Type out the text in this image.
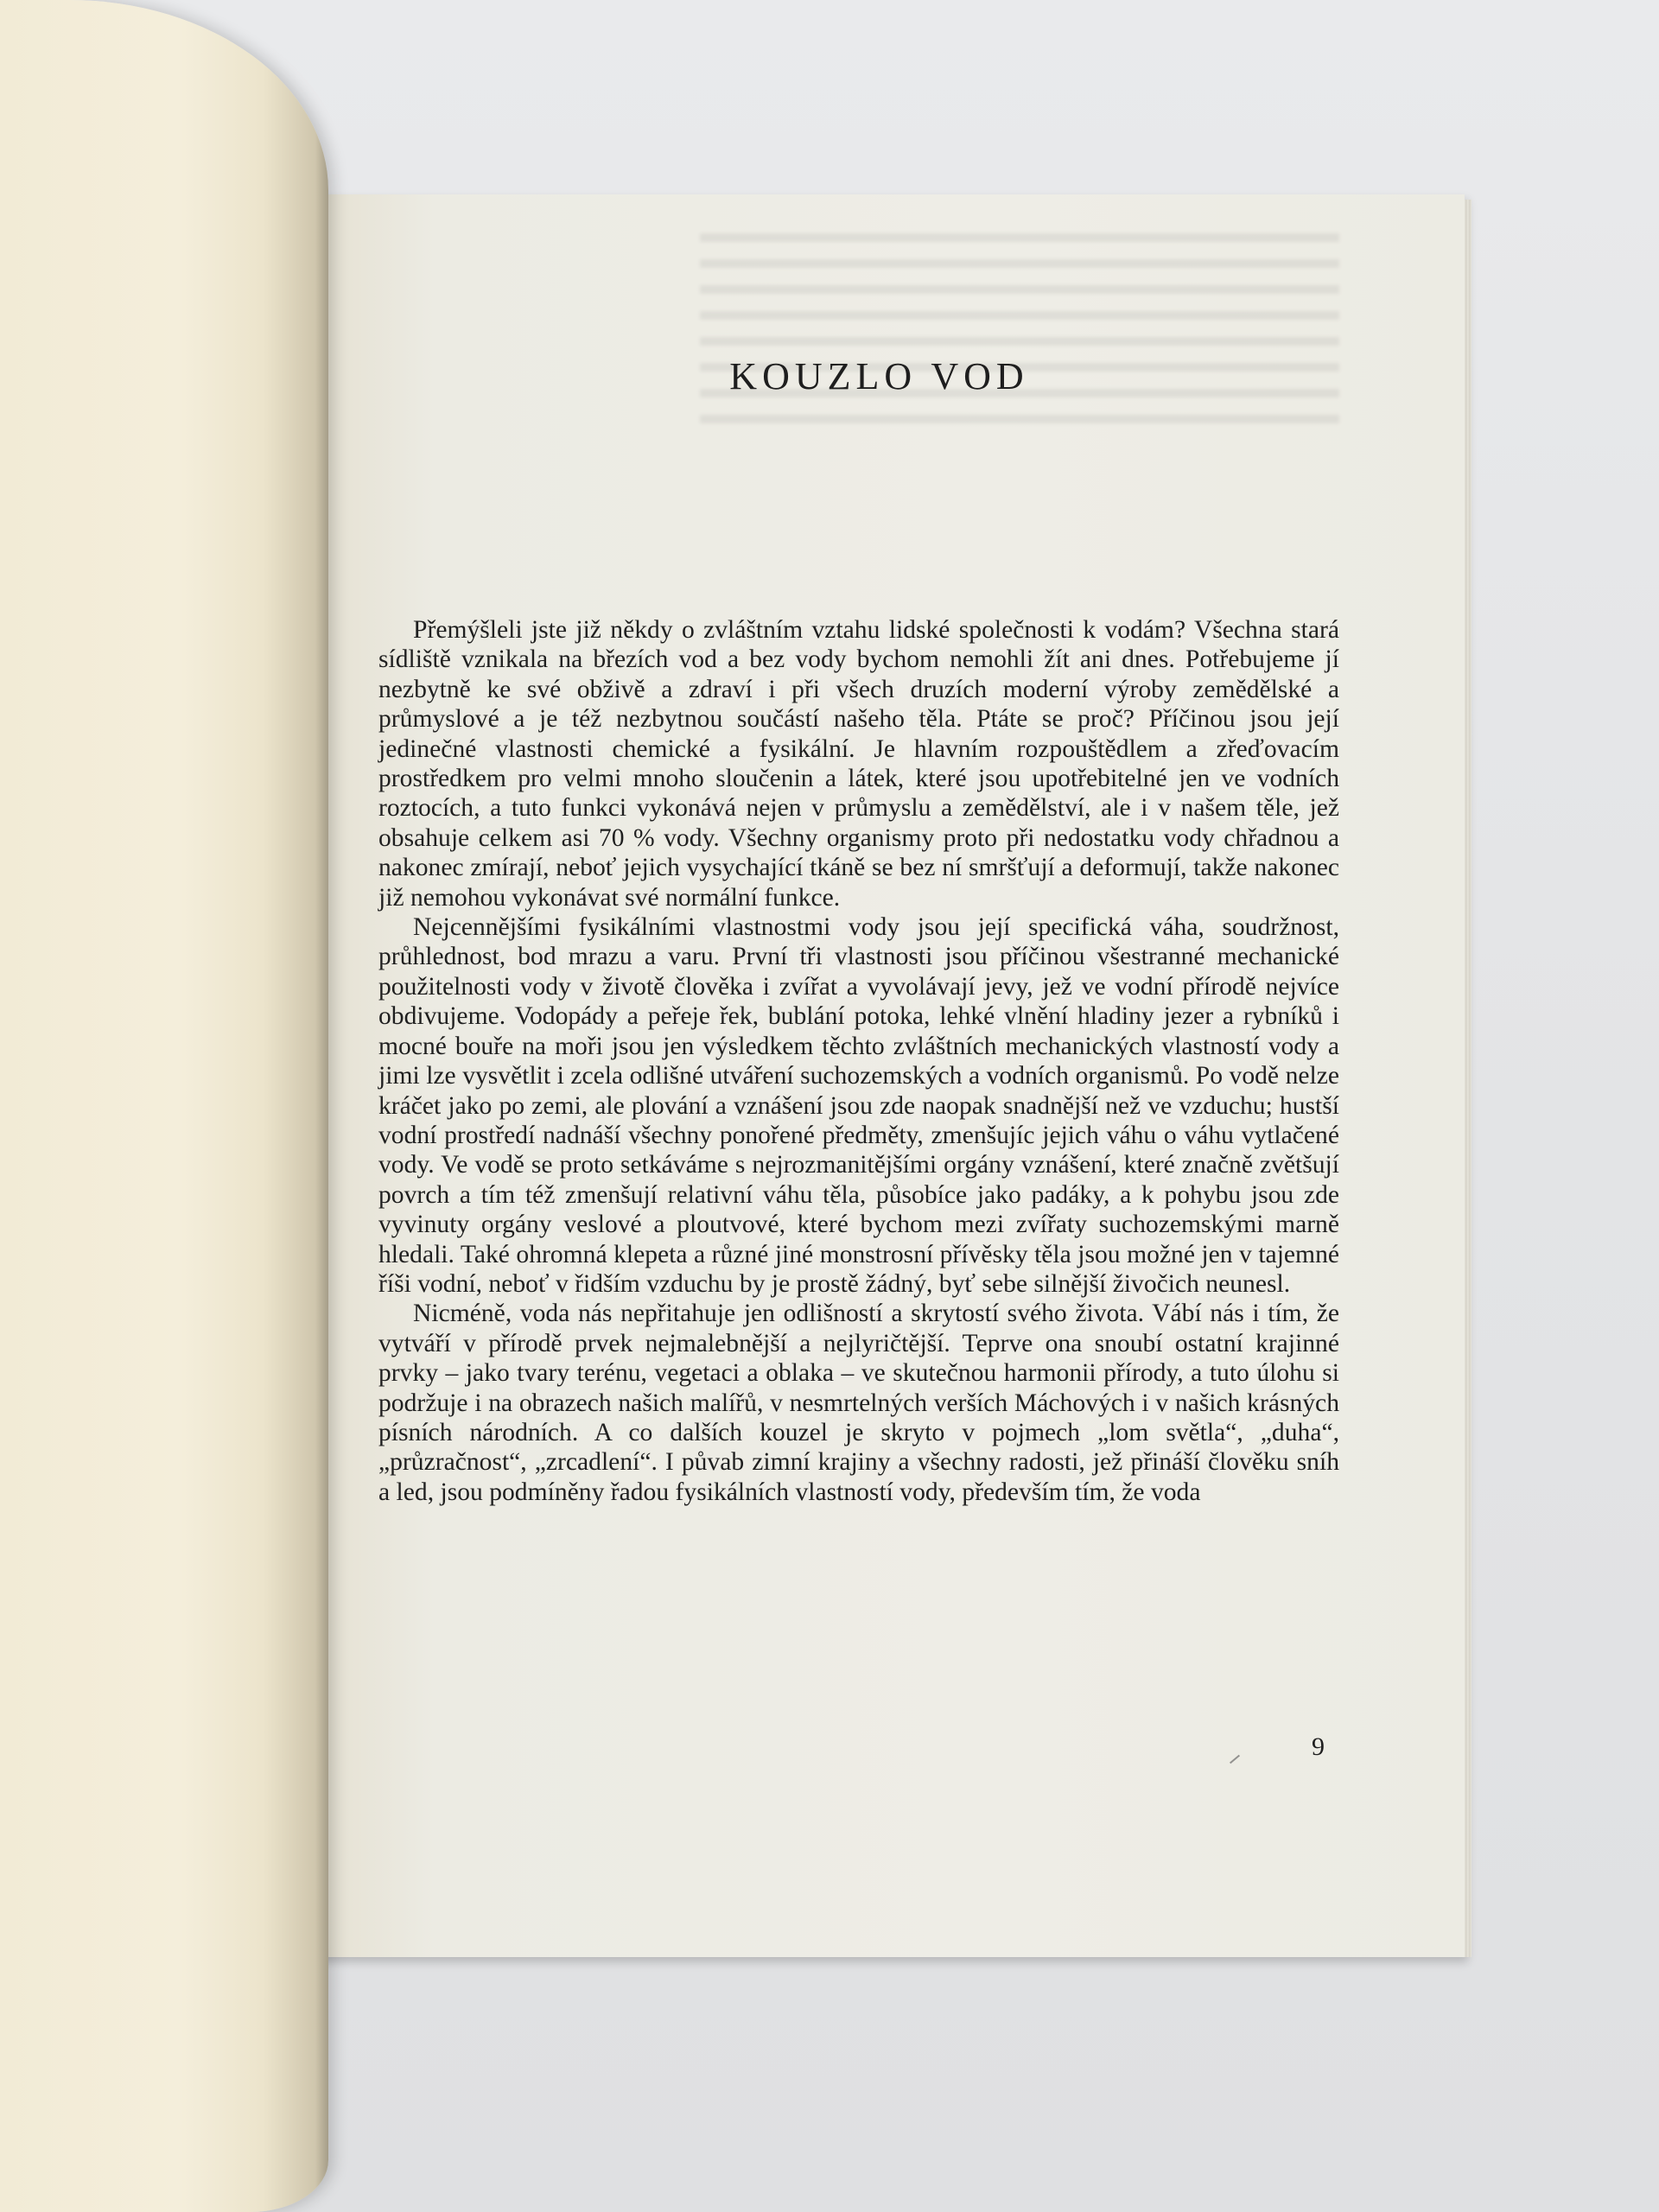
KOUZLO VOD

Přemýšleli jste již někdy o zvláštním vztahu lidské společnosti k vodám? Všechna stará sídliště vznikala na březích vod a bez vody bychom nemohli žít ani dnes. Potřebujeme jí nezbytně ke své obživě a zdraví i při všech druzích moderní výroby zemědělské a průmyslové a je též nezbytnou součástí našeho těla. Ptáte se proč? Příčinou jsou její jedinečné vlastnosti chemické a fysikální. Je hlavním rozpouštědlem a zřeďovacím prostředkem pro velmi mnoho sloučenin a látek, které jsou upotřebitelné jen ve vodních roztocích, a tuto funkci vykonává nejen v průmyslu a zemědělství, ale i v našem těle, jež obsahuje celkem asi 70 % vody. Všechny organismy proto při nedostatku vody chřadnou a nakonec zmírají, neboť jejich vysychající tkáně se bez ní smršťují a deformují, takže nakonec již nemohou vykonávat své normální funkce.

Nejcennějšími fysikálními vlastnostmi vody jsou její specifická váha, soudržnost, průhlednost, bod mrazu a varu. První tři vlastnosti jsou příčinou všestranné mechanické použitelnosti vody v životě člověka i zvířat a vyvolávají jevy, jež ve vodní přírodě nejvíce obdivujeme. Vodopády a peřeje řek, bublání potoka, lehké vlnění hladiny jezer a rybníků i mocné bouře na moři jsou jen výsledkem těchto zvláštních mechanických vlastností vody a jimi lze vysvětlit i zcela odlišné utváření suchozemských a vodních organismů. Po vodě nelze kráčet jako po zemi, ale plování a vznášení jsou zde naopak snadnější než ve vzduchu; hustší vodní prostředí nadnáší všechny ponořené předměty, zmenšujíc jejich váhu o váhu vytlačené vody. Ve vodě se proto setkáváme s nejrozmanitějšími orgány vznášení, které značně zvětšují povrch a tím též zmenšují relativní váhu těla, působíce jako padáky, a k pohybu jsou zde vyvinuty orgány veslové a ploutvové, které bychom mezi zvířaty suchozemskými marně hledali. Také ohromná klepeta a různé jiné monstrosní přívěsky těla jsou možné jen v tajemné říši vodní, neboť v řidším vzduchu by je prostě žádný, byť sebe silnější živočich neunesl.

Nicméně, voda nás nepřitahuje jen odlišností a skrytostí svého života. Vábí nás i tím, že vytváří v přírodě prvek nejmalebnější a nejlyričtější. Teprve ona snoubí ostatní krajinné prvky – jako tvary terénu, vegetaci a oblaka – ve skutečnou harmonii přírody, a tuto úlohu si podržuje i na obrazech našich malířů, v nesmrtelných verších Máchových i v našich krásných písních národních. A co dalších kouzel je skryto v pojmech „lom světla“, „duha“, „průzračnost“, „zrcadlení“. I půvab zimní krajiny a všechny radosti, jež přináší člověku sníh a led, jsou podmíněny řadou fysikálních vlastností vody, především tím, že voda

9
